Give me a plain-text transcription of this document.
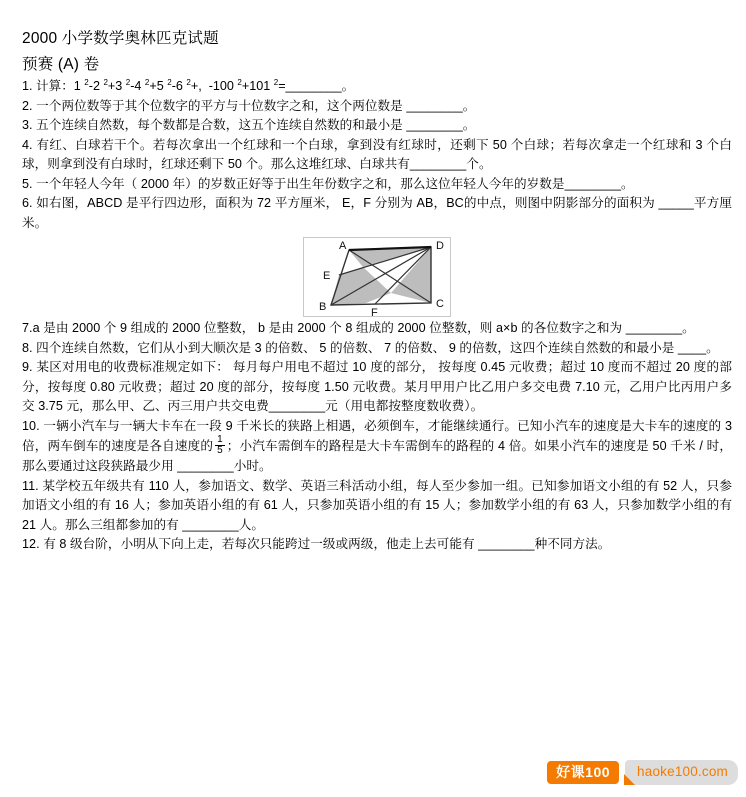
2000 小学数学奥林匹克试题
预赛 (A) 卷
1. 计算：1 $^2$-2 $^2$+3 $^2$-4 $^2$+5 $^2$-6 $^2$+,  -100 $^2$+101 $^2$=________。
2. 一个两位数等于其个位数字的平方与十位数字之和，这个两位数是 ________。
3. 五个连续自然数，每个数都是合数，这五个连续自然数的和最小是 ________。
4. 有红、白球若干个。若每次拿出一个红球和一个白球，拿到没有红球时，还剩下 50 个白球；若每次拿走一个红球和 3 个白球，则拿到没有白球时，红球还剩下 50 个。那么这堆红球、白球共有________个。
5. 一个年轻人今年（ 2000 年）的岁数正好等于出生年份数字之和，那么这位年轻人今年的岁数是________。
6. 如右图，ABCD 是平行四边形，面积为 72 平方厘米， E，F 分别为 AB，BC的中点，则图中阴影部分的面积为 _____平方厘米。
A	D
E
B	C
F
7.a 是由 2000 个 9 组成的 2000 位整数， b 是由 2000 个 8 组成的 2000 位整数，则 a×b 的各位数字之和为 ________。
8. 四个连续自然数，它们从小到大顺次是 3 的倍数、 5 的倍数、 7 的倍数、 9 的倍数，这四个连续自然数的和最小是 ____。
9. 某区对用电的收费标准规定如下： 每月每户用电不超过 10 度的部分， 按每度 0.45 元收费；超过 10 度而不超过 20 度的部分，按每度 0.80 元收费；超过 20 度的部分，按每度 1.50 元收费。某月甲用户比乙用户多交电费 7.10 元，乙用户比丙用户多交 3.75 元，那么甲、乙、丙三用户共交电费________元（用电都按整度数收费）。
10. 一辆小汽车与一辆大卡车在一段 9 千米长的狭路上相遇，必须倒车，才能继续通行。已知小汽车的速度是大卡车的速度的 3 倍，两车倒车的速度是各自速度的 $\frac{1}{5}$ ；小汽车需倒车的路程是大卡车需倒车的路程的 4 倍。如果小汽车的速度是 50 千米 / 时，那么要通过这段狭路最少用 ________小时。
11. 某学校五年级共有 110 人，参加语文、数学、英语三科活动小组，每人至少参加一组。已知参加语文小组的有 52 人，只参加语文小组的有 16 人；参加英语小组的有 61 人，只参加英语小组的有 15 人；参加数学小组的有 63 人，只参加数学小组的有 21 人。那么三组都参加的有 ________人。
12. 有 8 级台阶，小明从下向上走，若每次只能跨过一级或两级，他走上去可能有 ________种不同方法。
好课100	haoke100.com
